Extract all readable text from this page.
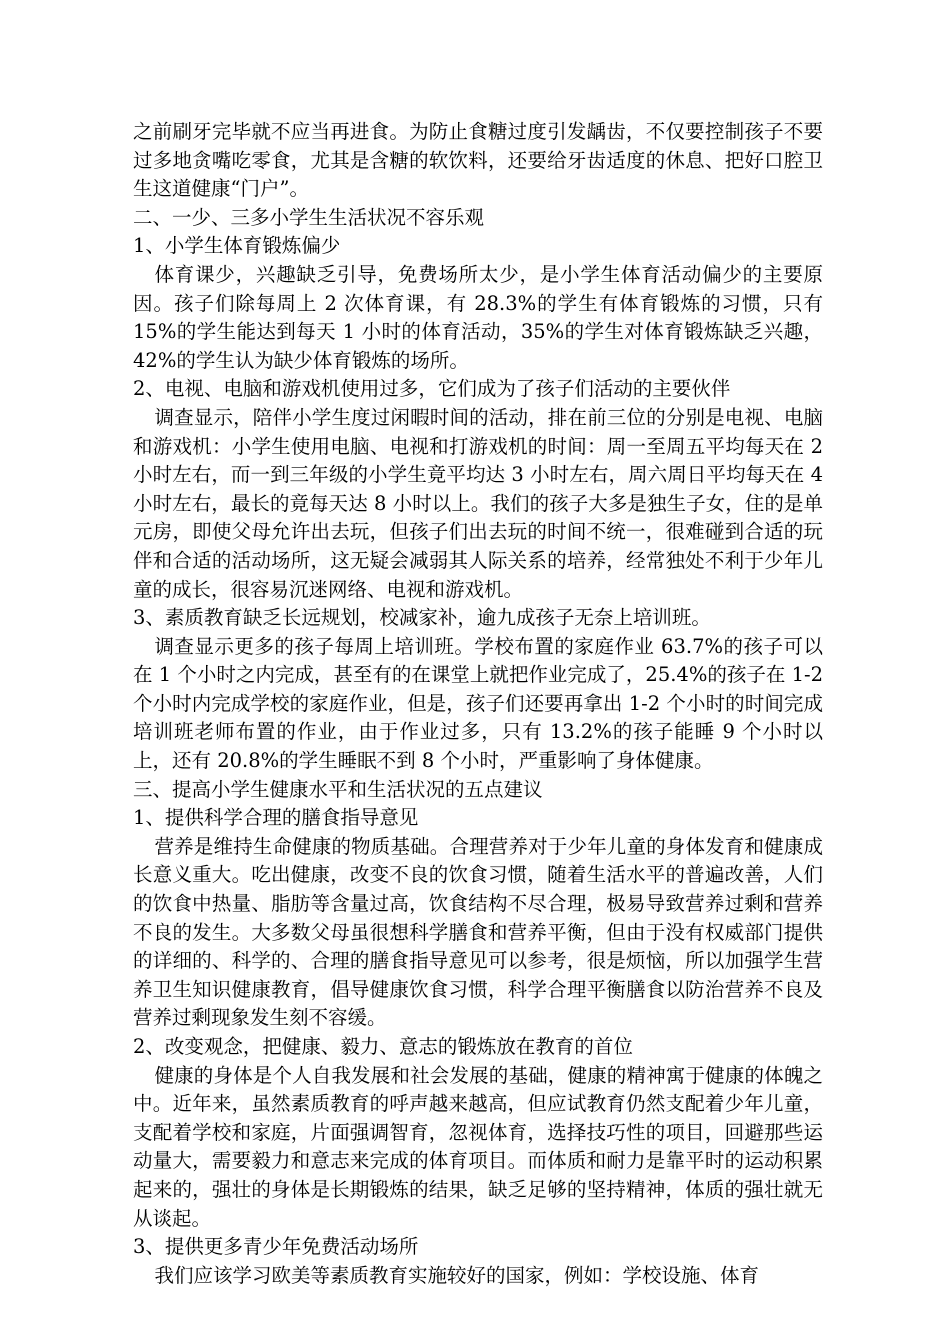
之前刷牙完毕就不应当再进食。为防止食糖过度引发龋齿，不仅要控制孩子不要过多地贪嘴吃零食，尤其是含糖的软饮料，还要给牙齿适度的休息、把好口腔卫生这道健康“门户”。

二、一少、三多小学生生活状况不容乐观

1、小学生体育锻炼偏少

体育课少，兴趣缺乏引导，免费场所太少，是小学生体育活动偏少的主要原因。孩子们除每周上 2 次体育课，有 28.3%的学生有体育锻炼的习惯，只有 15%的学生能达到每天 1 小时的体育活动，35%的学生对体育锻炼缺乏兴趣，42%的学生认为缺少体育锻炼的场所。

2、电视、电脑和游戏机使用过多，它们成为了孩子们活动的主要伙伴

调查显示，陪伴小学生度过闲暇时间的活动，排在前三位的分别是电视、电脑和游戏机：小学生使用电脑、电视和打游戏机的时间：周一至周五平均每天在 2 小时左右，而一到三年级的小学生竟平均达 3 小时左右，周六周日平均每天在 4 小时左右，最长的竟每天达 8 小时以上。我们的孩子大多是独生子女，住的是单元房，即使父母允许出去玩，但孩子们出去玩的时间不统一，很难碰到合适的玩伴和合适的活动场所，这无疑会减弱其人际关系的培养，经常独处不利于少年儿童的成长，很容易沉迷网络、电视和游戏机。

3、素质教育缺乏长远规划，校减家补，逾九成孩子无奈上培训班。

调查显示更多的孩子每周上培训班。学校布置的家庭作业 63.7%的孩子可以在 1 个小时之内完成，甚至有的在课堂上就把作业完成了，25.4%的孩子在 1-2 个小时内完成学校的家庭作业，但是，孩子们还要再拿出 1-2 个小时的时间完成培训班老师布置的作业，由于作业过多，只有 13.2%的孩子能睡 9 个小时以上，还有 20.8%的学生睡眠不到 8 个小时，严重影响了身体健康。

三、提高小学生健康水平和生活状况的五点建议

1、提供科学合理的膳食指导意见

营养是维持生命健康的物质基础。合理营养对于少年儿童的身体发育和健康成长意义重大。吃出健康，改变不良的饮食习惯，随着生活水平的普遍改善，人们的饮食中热量、脂肪等含量过高，饮食结构不尽合理，极易导致营养过剩和营养不良的发生。大多数父母虽很想科学膳食和营养平衡，但由于没有权威部门提供的详细的、科学的、合理的膳食指导意见可以参考，很是烦恼，所以加强学生营养卫生知识健康教育，倡导健康饮食习惯，科学合理平衡膳食以防治营养不良及营养过剩现象发生刻不容缓。

2、改变观念，把健康、毅力、意志的锻炼放在教育的首位

健康的身体是个人自我发展和社会发展的基础，健康的精神寓于健康的体魄之中。近年来，虽然素质教育的呼声越来越高，但应试教育仍然支配着少年儿童，支配着学校和家庭，片面强调智育，忽视体育，选择技巧性的项目，回避那些运动量大，需要毅力和意志来完成的体育项目。而体质和耐力是靠平时的运动积累起来的，强壮的身体是长期锻炼的结果，缺乏足够的坚持精神，体质的强壮就无从谈起。

3、提供更多青少年免费活动场所

我们应该学习欧美等素质教育实施较好的国家，例如：学校设施、体育
